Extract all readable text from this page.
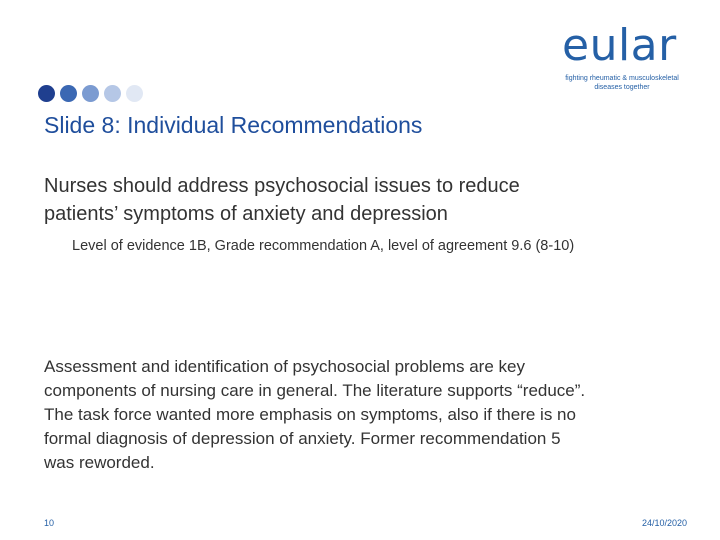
eular
fighting rheumatic & musculoskeletal
diseases together
Slide 8: Individual Recommendations
Nurses should address psychosocial issues to reduce
patients’ symptoms of anxiety and depression
Level of evidence 1B, Grade recommendation A, level of agreement 9.6 (8-10)
Assessment and identification of psychosocial problems are key
components of nursing care in general. The literature supports “reduce”.
The task force wanted more emphasis on symptoms, also if there is no
formal diagnosis of depression of anxiety. Former recommendation 5
was reworded.
10	24/10/2020
